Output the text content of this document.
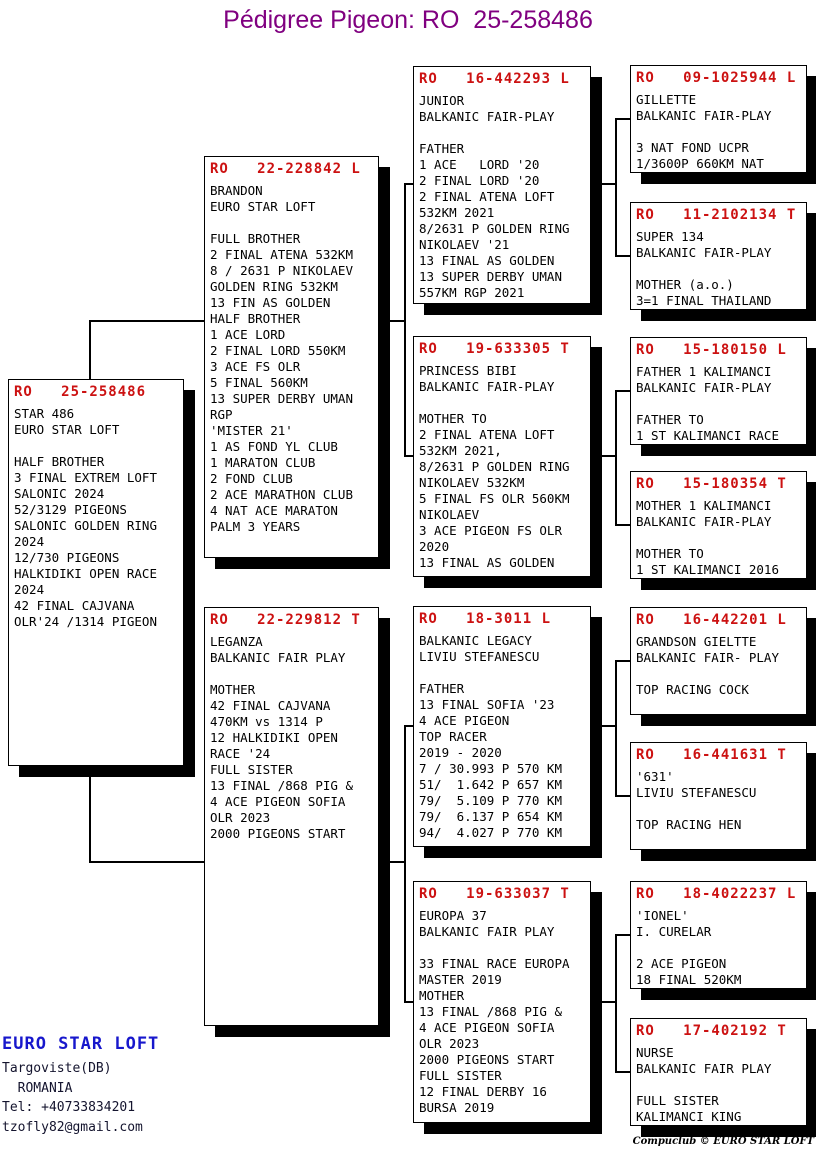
Pédigree Pigeon: RO  25-258486
RO   25-258486
STAR 486
EURO STAR LOFT

HALF BROTHER
3 FINAL EXTREM LOFT
SALONIC 2024
52/3129 PIGEONS
SALONIC GOLDEN RING
2024
12/730 PIGEONS
HALKIDIKI OPEN RACE
2024
42 FINAL CAJVANA
OLR'24 /1314 PIGEON
RO   22-228842 L
BRANDON
EURO STAR LOFT

FULL BROTHER
2 FINAL ATENA 532KM
8 / 2631 P NIKOLAEV
GOLDEN RING 532KM
13 FIN AS GOLDEN
HALF BROTHER
1 ACE LORD
2 FINAL LORD 550KM
3 ACE FS OLR
5 FINAL 560KM
13 SUPER DERBY UMAN
RGP
'MISTER 21'
1 AS FOND YL CLUB
1 MARATON CLUB
2 FOND CLUB
2 ACE MARATHON CLUB
4 NAT ACE MARATON
PALM 3 YEARS
RO   22-229812 T
LEGANZA
BALKANIC FAIR PLAY

MOTHER
42 FINAL CAJVANA
470KM vs 1314 P
12 HALKIDIKI OPEN
RACE '24
FULL SISTER
13 FINAL /868 PIG &
4 ACE PIGEON SOFIA
OLR 2023
2000 PIGEONS START
RO   16-442293 L
JUNIOR
BALKANIC FAIR-PLAY

FATHER
1 ACE   LORD '20
2 FINAL LORD '20
2 FINAL ATENA LOFT
532KM 2021
8/2631 P GOLDEN RING
NIKOLAEV '21
13 FINAL AS GOLDEN
13 SUPER DERBY UMAN
557KM RGP 2021
RO   19-633305 T
PRINCESS BIBI
BALKANIC FAIR-PLAY

MOTHER TO
2 FINAL ATENA LOFT
532KM 2021,
8/2631 P GOLDEN RING
NIKOLAEV 532KM
5 FINAL FS OLR 560KM
NIKOLAEV
3 ACE PIGEON FS OLR
2020
13 FINAL AS GOLDEN
RO   18-3011 L
BALKANIC LEGACY
LIVIU STEFANESCU

FATHER
13 FINAL SOFIA '23
4 ACE PIGEON
TOP RACER
2019 - 2020
7 / 30.993 P 570 KM
51/  1.642 P 657 KM
79/  5.109 P 770 KM
79/  6.137 P 654 KM
94/  4.027 P 770 KM
RO   19-633037 T
EUROPA 37
BALKANIC FAIR PLAY

33 FINAL RACE EUROPA
MASTER 2019
MOTHER
13 FINAL /868 PIG &
4 ACE PIGEON SOFIA
OLR 2023
2000 PIGEONS START
FULL SISTER
12 FINAL DERBY 16
BURSA 2019
RO   09-1025944 L
GILLETTE
BALKANIC FAIR-PLAY

3 NAT FOND UCPR
1/3600P 660KM NAT
RO   11-2102134 T
SUPER 134
BALKANIC FAIR-PLAY

MOTHER (a.o.)
3=1 FINAL THAILAND
RO   15-180150 L
FATHER 1 KALIMANCI
BALKANIC FAIR-PLAY

FATHER TO
1 ST KALIMANCI RACE
RO   15-180354 T
MOTHER 1 KALIMANCI
BALKANIC FAIR-PLAY

MOTHER TO
1 ST KALIMANCI 2016
RO   16-442201 L
GRANDSON GIELTTE
BALKANIC FAIR- PLAY

TOP RACING COCK
RO   16-441631 T
'631'
LIVIU STEFANESCU

TOP RACING HEN
RO   18-4022237 L
'IONEL'
I. CURELAR

2 ACE PIGEON
18 FINAL 520KM
RO   17-402192 T
NURSE
BALKANIC FAIR PLAY

FULL SISTER
KALIMANCI KING
EURO STAR LOFT
Targoviste(DB)
ROMANIA
Tel: +40733834201
tzofly82@gmail.com
Compuclub © EURO STAR LOFT
